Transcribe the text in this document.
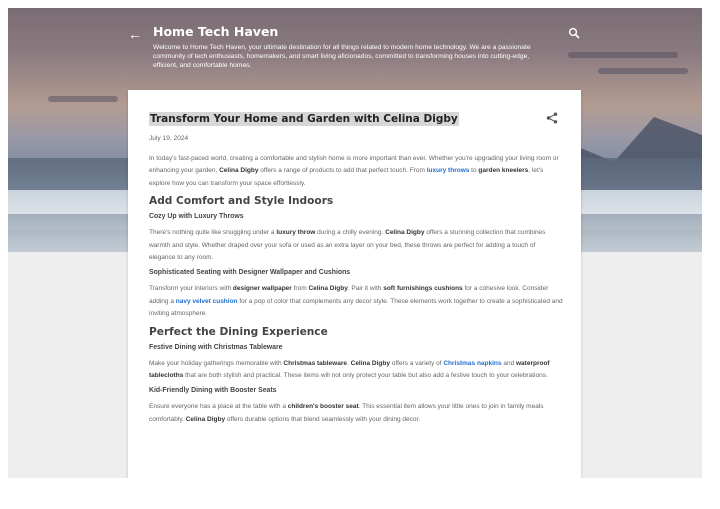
← Home Tech Haven

Welcome to Home Tech Haven, your ultimate destination for all things related to modern home technology. We are a passionate community of tech enthusiasts, homemakers, and smart living aficionados, committed to transforming houses into cutting-edge, efficient, and comfortable homes.

Transform Your Home and Garden with Celina Digby
July 19, 2024

In today's fast-paced world, creating a comfortable and stylish home is more important than ever. Whether you're upgrading your living room or enhancing your garden, Celina Digby offers a range of products to add that perfect touch. From luxury throws to garden kneelers, let's explore how you can transform your space effortlessly.

Add Comfort and Style Indoors
Cozy Up with Luxury Throws

There's nothing quite like snuggling under a luxury throw during a chilly evening. Celina Digby offers a stunning collection that combines warmth and style. Whether draped over your sofa or used as an extra layer on your bed, these throws are perfect for adding a touch of elegance to any room.

Sophisticated Seating with Designer Wallpaper and Cushions

Transform your interiors with designer wallpaper from Celina Digby. Pair it with soft furnishings cushions for a cohesive look. Consider adding a navy velvet cushion for a pop of color that complements any decor style. These elements work together to create a sophisticated and inviting atmosphere.

Perfect the Dining Experience
Festive Dining with Christmas Tableware

Make your holiday gatherings memorable with Christmas tableware. Celina Digby offers a variety of Christmas napkins and waterproof tablecloths that are both stylish and practical. These items will not only protect your table but also add a festive touch to your celebrations.

Kid-Friendly Dining with Booster Seats

Ensure everyone has a place at the table with a children's booster seat. This essential item allows your little ones to join in family meals comfortably. Celina Digby offers durable options that blend seamlessly with your dining decor.
